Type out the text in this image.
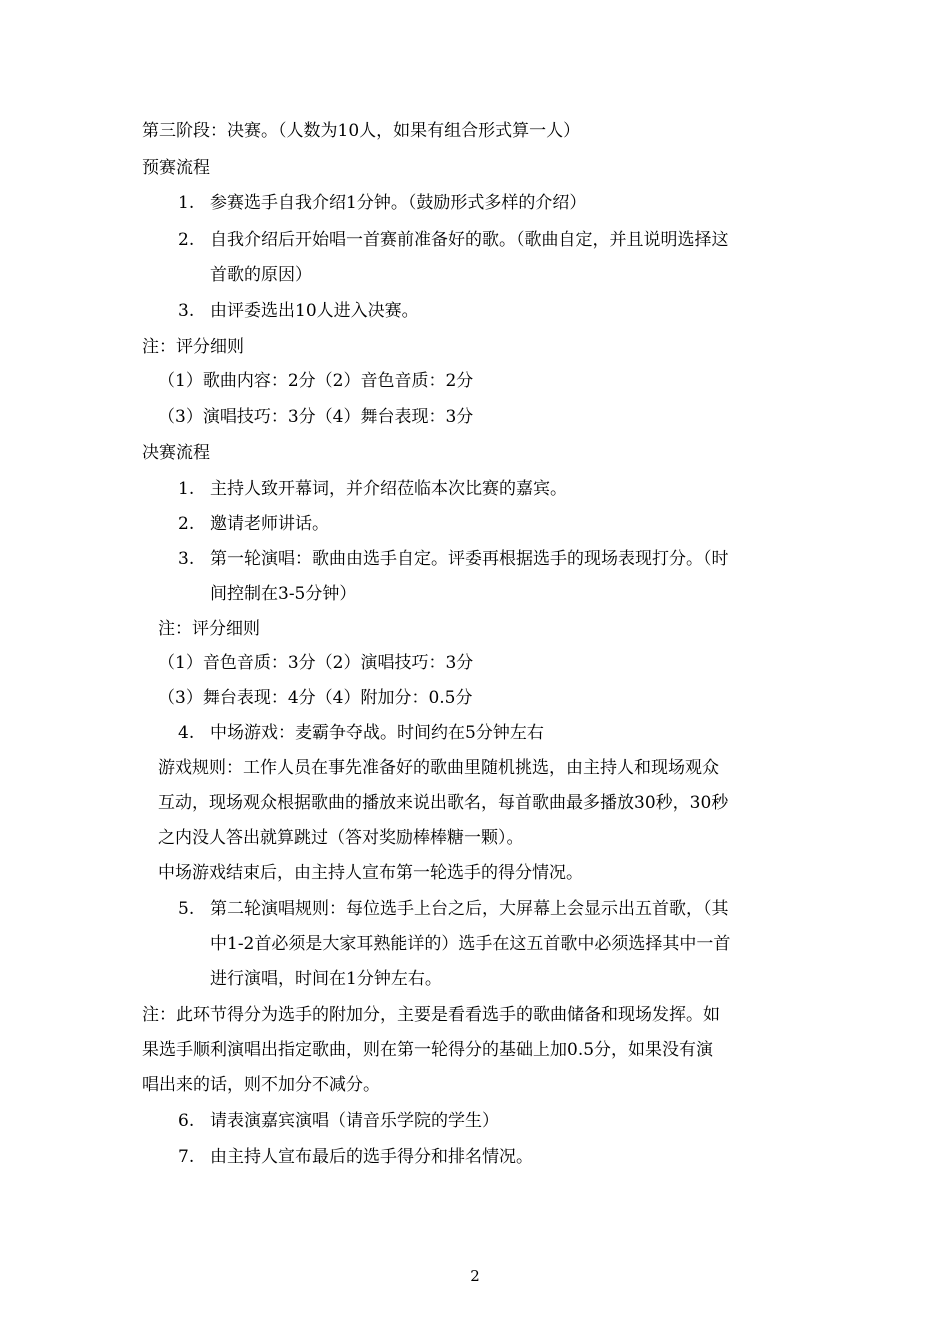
第三阶段：决赛。（人数为10人，如果有组合形式算一人）
预赛流程
1. 参赛选手自我介绍1分钟。（鼓励形式多样的介绍）
2. 自我介绍后开始唱一首赛前准备好的歌。（歌曲自定，并且说明选择这
首歌的原因）
3. 由评委选出10人进入决赛。
注：评分细则
（1）歌曲内容：2分（2）音色音质：2分
（3）演唱技巧：3分（4）舞台表现：3分
决赛流程
1. 主持人致开幕词，并介绍莅临本次比赛的嘉宾。
2. 邀请老师讲话。
3. 第一轮演唱：歌曲由选手自定。评委再根据选手的现场表现打分。（时
间控制在3-5分钟）
注：评分细则
（1）音色音质：3分（2）演唱技巧：3分
（3）舞台表现：4分（4）附加分：0.5分
4. 中场游戏：麦霸争夺战。时间约在5分钟左右
游戏规则：工作人员在事先准备好的歌曲里随机挑选，由主持人和现场观众
互动，现场观众根据歌曲的播放来说出歌名，每首歌曲最多播放30秒，30秒
之内没人答出就算跳过（答对奖励棒棒糖一颗）。
中场游戏结束后，由主持人宣布第一轮选手的得分情况。
5. 第二轮演唱规则：每位选手上台之后，大屏幕上会显示出五首歌，（其
中1-2首必须是大家耳熟能详的）选手在这五首歌中必须选择其中一首
进行演唱，时间在1分钟左右。
注：此环节得分为选手的附加分，主要是看看选手的歌曲储备和现场发挥。如
果选手顺利演唱出指定歌曲，则在第一轮得分的基础上加0.5分，如果没有演
唱出来的话，则不加分不减分。
6. 请表演嘉宾演唱（请音乐学院的学生）
7. 由主持人宣布最后的选手得分和排名情况。
2
